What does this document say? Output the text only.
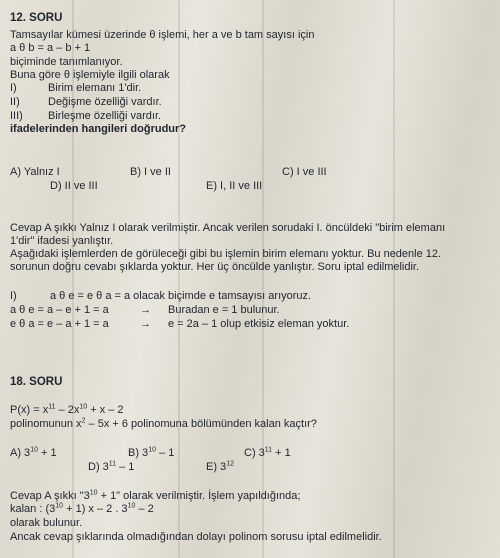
12. SORU
Tamsayılar kümesi üzerinde θ işlemi, her a ve b tam sayısı için
a θ b = a – b + 1
biçiminde tanımlanıyor.
Buna göre θ işlemiyle ilgili olarak
I)	Birim elemanı 1'dir.
II)	Değişme özelliği vardır.
III)	Birleşme özelliği vardır.
ifadelerinden hangileri doğrudur?
A) Yalnız I	B) I ve II	C) I ve III
D) II ve III	E) I, II ve III
Cevap A şıkkı Yalnız I olarak verilmiştir. Ancak verilen sorudaki I. öncüldeki "birim elemanı
1'dir" ifadesi yanlıştır.
Aşağıdaki işlemlerden de görüleceği gibi bu işlemin birim elemanı yoktur. Bu nedenle 12.
sorunun doğru cevabı şıklarda yoktur. Her üç öncülde yanlıştır. Soru iptal edilmelidir.
I)	a θ e = e θ a = a olacak biçimde e tamsayısı arıyoruz.
a θ e = a – e + 1 = a	→ Buradan e = 1 bulunur.
e θ a = e – a + 1 = a	→ e = 2a – 1 olup etkisiz eleman yoktur.
18. SORU
$P(x) = x^{11} - 2x^{10} + x - 2$
polinomunun $x^2 - 5x + 6$ polinomuna bölümünden kalan kaçtır?
A) $3^{10} + 1$	B) $3^{10} - 1$	C) $3^{11} + 1$
D) $3^{11} - 1$	E) $3^{12}$
Cevap A şıkkı "$3^{10} + 1$" olarak verilmiştir. İşlem yapıldığında;
kalan : $(3^{10} + 1)$ x – 2 . $3^{10} - 2$
olarak bulunur.
Ancak cevap şıklarında olmadığından dolayı polinom sorusu iptal edilmelidir.
